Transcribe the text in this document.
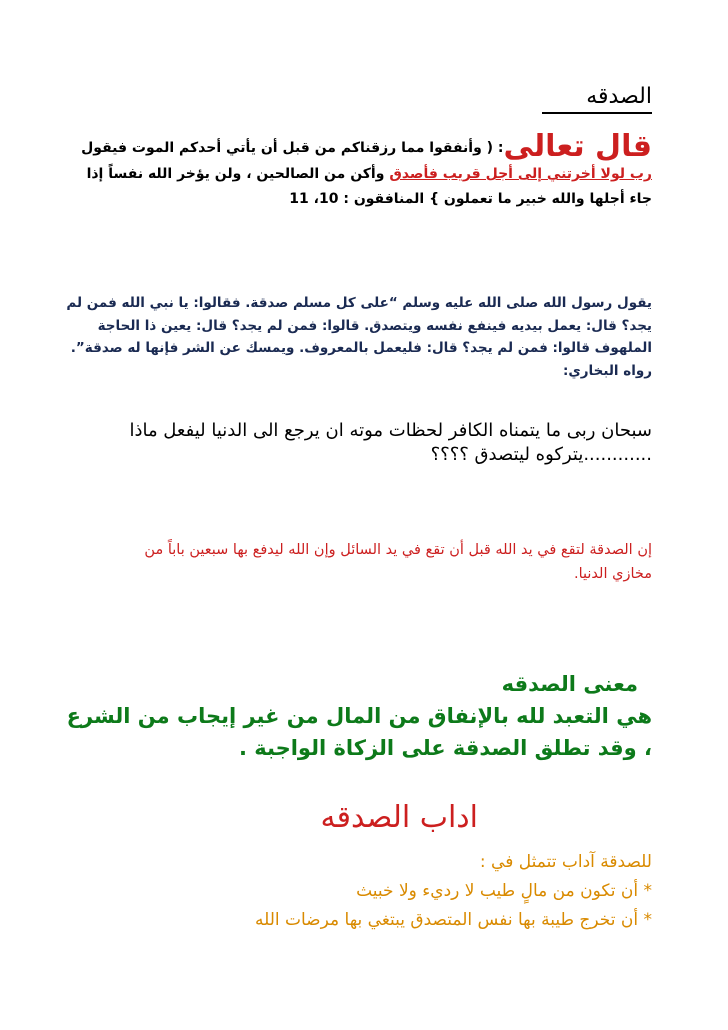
الصدقه
قال تعالى: ( وأنفقوا مما رزقناكم من قبل أن يأتي أحدكم الموت فيقول
رب لولا أخرتني إلى أجل قريب فأصدق وأكن من الصالحين ، ولن يؤخر الله نفساً إذا
جاء أجلها والله خبير ما تعملون } المنافقون : 10، 11
يقول رسول الله صلى الله عليه وسلم “على كل مسلم صدقة. فقالوا: يا نبي الله فمن لم يجد؟ قال: يعمل بيديه فينفع نفسه ويتصدق. قالوا: فمن لم يجد؟ قال: يعين ذا الحاجة الملهوف قالوا: فمن لم يجد؟ قال: فليعمل بالمعروف. ويمسك عن الشر فإنها له صدقة”. رواه البخاري:
سبحان ربى ما يتمناه الكافر لحظات موته ان يرجع الى الدنيا ليفعل ماذا
............يتركوه ليتصدق ؟؟؟؟
إن الصدقة لتقع في يد الله قبل أن تقع في يد السائل وإن الله ليدفع بها سبعين باباً من مخازي الدنيا.
معنى الصدقه
هي التعبد لله بالإنفاق من المال من غير إيجاب من الشرع ، وقد تطلق الصدقة على الزكاة الواجبة .
اداب الصدقه
للصدقة آداب تتمثل في :
* أن تكون من مالٍ طيب لا رديء ولا خبيث
* أن تخرج طيبة بها نفس المتصدق يبتغي بها مرضات الله
